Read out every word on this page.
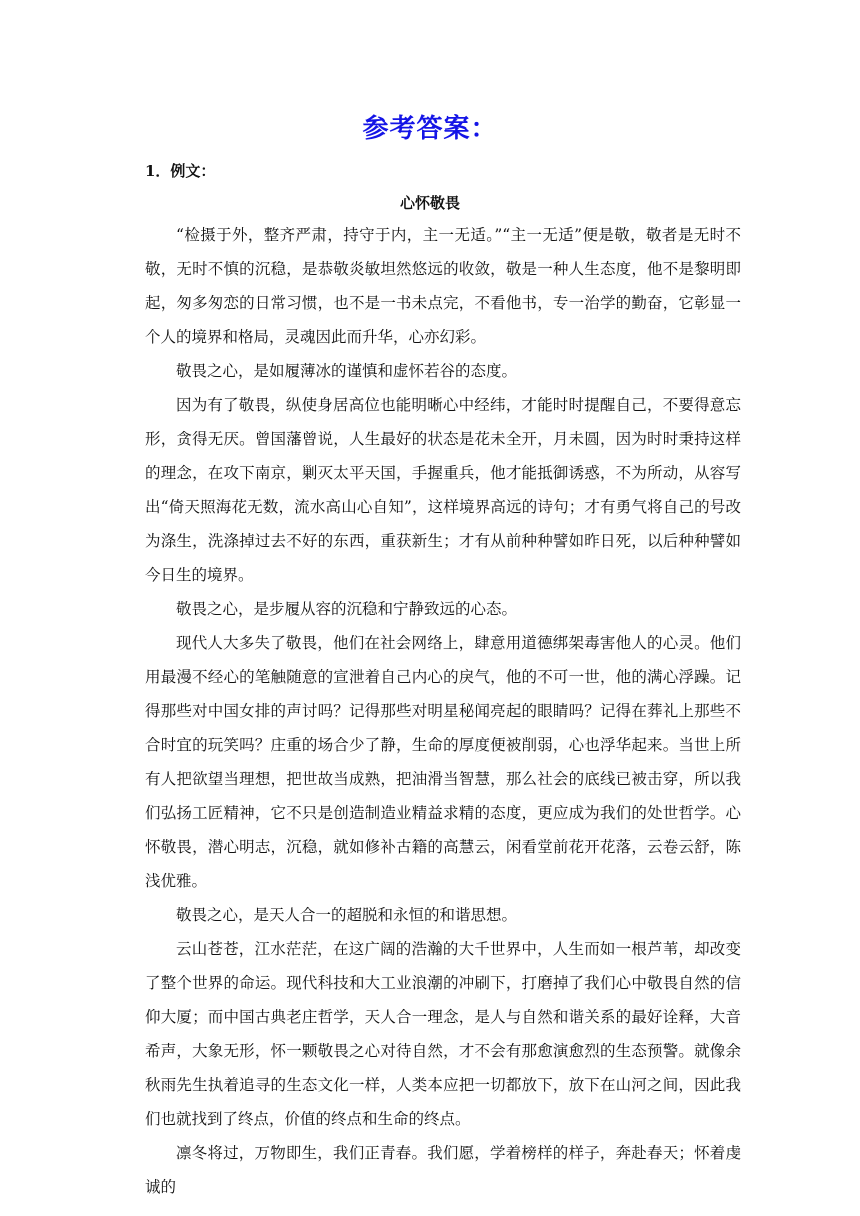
参考答案：
1．例文：
心怀敬畏

“检摄于外，整齐严肃，持守于内，主一无适。”“主一无适”便是敬，敬者是无时不敬，无时不慎的沉稳，是恭敬炎敏坦然悠远的收敛，敬是一种人生态度，他不是黎明即起，匆多匆恋的日常习惯，也不是一书未点完，不看他书，专一治学的勤奋，它彰显一个人的境界和格局，灵魂因此而升华，心亦幻彩。

敬畏之心，是如履薄冰的谨慎和虚怀若谷的态度。

因为有了敬畏，纵使身居高位也能明晰心中经纬，才能时时提醒自己，不要得意忘形，贪得无厌。曾国藩曾说，人生最好的状态是花未全开，月未圆，因为时时秉持这样的理念，在攻下南京，剿灭太平天国，手握重兵，他才能抵御诱惑，不为所动，从容写出“倚天照海花无数，流水高山心自知”，这样境界高远的诗句；才有勇气将自己的号改为涤生，洗涤掉过去不好的东西，重获新生；才有从前种种譬如昨日死，以后种种譬如今日生的境界。

敬畏之心，是步履从容的沉稳和宁静致远的心态。

现代人大多失了敬畏，他们在社会网络上，肆意用道德绑架毒害他人的心灵。他们用最漫不经心的笔触随意的宣泄着自己内心的戾气，他的不可一世，他的满心浮躁。记得那些对中国女排的声讨吗？记得那些对明星秘闻亮起的眼睛吗？记得在葬礼上那些不合时宜的玩笑吗？庄重的场合少了静，生命的厚度便被削弱，心也浮华起来。当世上所有人把欲望当理想，把世故当成熟，把油滑当智慧，那么社会的底线已被击穿，所以我们弘扬工匠精神，它不只是创造制造业精益求精的态度，更应成为我们的处世哲学。心怀敬畏，潜心明志，沉稳，就如修补古籍的高慧云，闲看堂前花开花落，云卷云舒，陈浅优雅。

敬畏之心，是天人合一的超脱和永恒的和谐思想。

云山苍苍，江水茫茫，在这广阔的浩瀚的大千世界中，人生而如一根芦苇，却改变了整个世界的命运。现代科技和大工业浪潮的冲刷下，打磨掉了我们心中敬畏自然的信仰大厦；而中国古典老庄哲学，天人合一理念，是人与自然和谐关系的最好诠释，大音希声，大象无形，怀一颗敬畏之心对待自然，才不会有那愈演愈烈的生态预警。就像余秋雨先生执着追寻的生态文化一样，人类本应把一切都放下，放下在山河之间，因此我们也就找到了终点，价值的终点和生命的终点。

凛冬将过，万物即生，我们正青春。我们愿，学着榜样的样子，奔赴春天；怀着虔诚的
